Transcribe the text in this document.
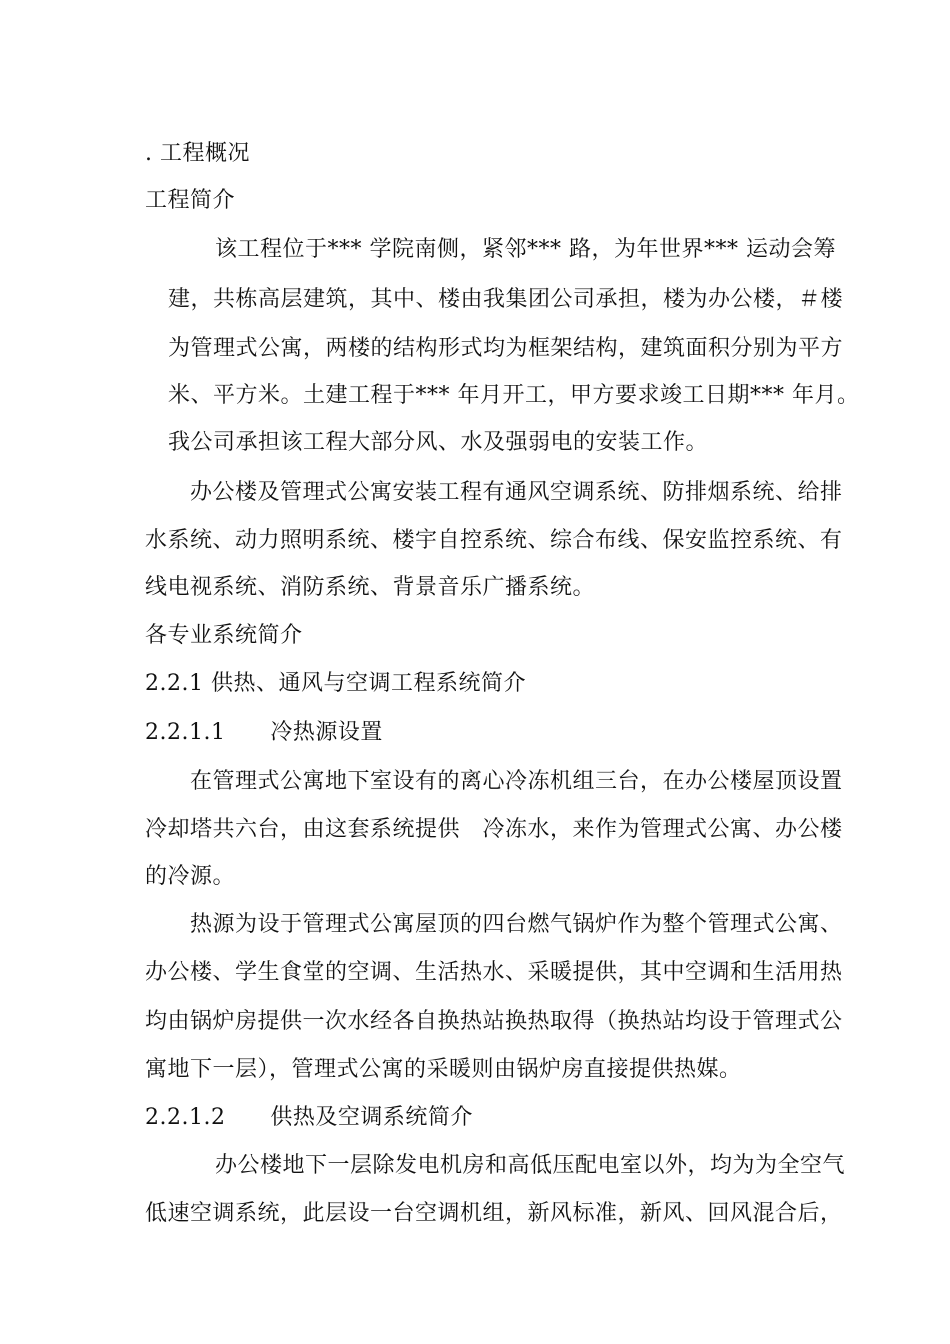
. 工程概况
工程简介
该工程位于*** 学院南侧，紧邻*** 路，为年世界*** 运动会筹
建，共栋高层建筑，其中、楼由我集团公司承担，楼为办公楼，＃楼
为管理式公寓，两楼的结构形式均为框架结构，建筑面积分别为平方
米、平方米。土建工程于*** 年月开工，甲方要求竣工日期*** 年月。
我公司承担该工程大部分风、水及强弱电的安装工作。
办公楼及管理式公寓安装工程有通风空调系统、防排烟系统、给排
水系统、动力照明系统、楼宇自控系统、综合布线、保安监控系统、有
线电视系统、消防系统、背景音乐广播系统。
各专业系统简介
2.2.1 供热、通风与空调工程系统简介
2.2.1.1      冷热源设置
在管理式公寓地下室设有的离心冷冻机组三台，在办公楼屋顶设置
冷却塔共六台，由这套系统提供   冷冻水，来作为管理式公寓、办公楼
的冷源。
热源为设于管理式公寓屋顶的四台燃气锅炉作为整个管理式公寓、
办公楼、学生食堂的空调、生活热水、采暖提供，其中空调和生活用热
均由锅炉房提供一次水经各自换热站换热取得（换热站均设于管理式公
寓地下一层），管理式公寓的采暖则由锅炉房直接提供热媒。
2.2.1.2      供热及空调系统简介
办公楼地下一层除发电机房和高低压配电室以外，均为为全空气
低速空调系统，此层设一台空调机组，新风标准，新风、回风混合后，
